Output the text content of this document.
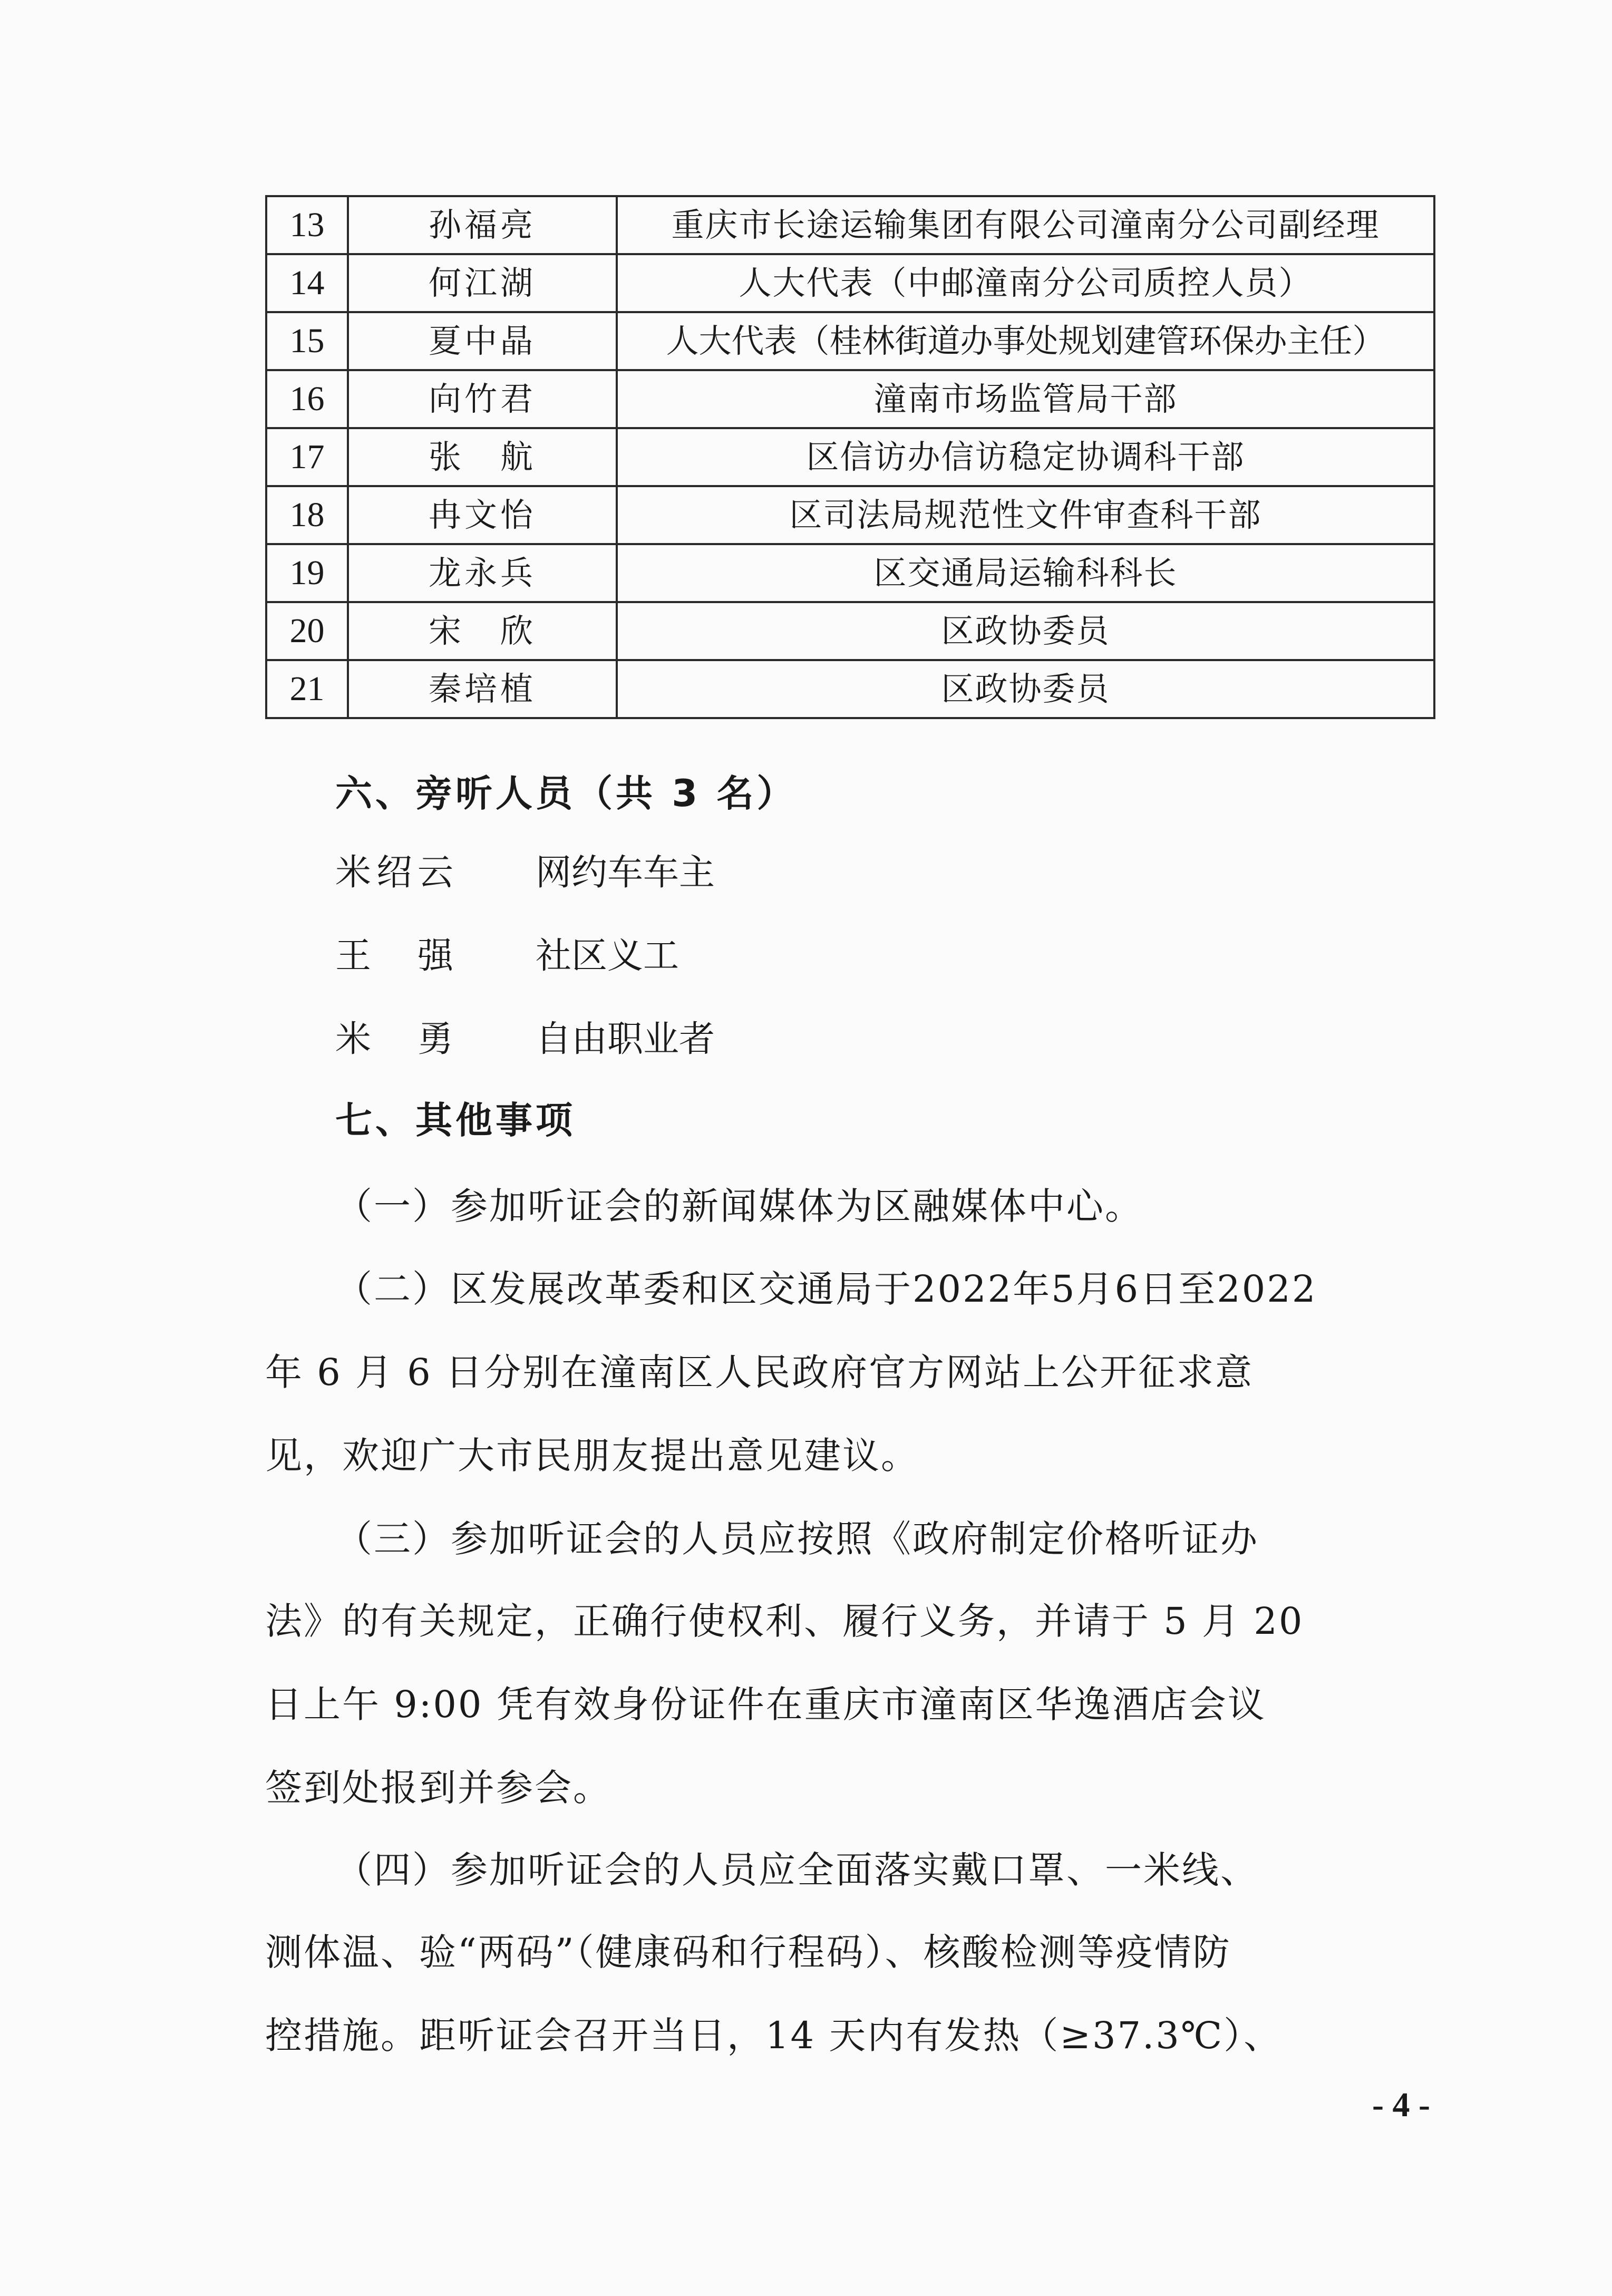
13	孙福亮	重庆市长途运输集团有限公司潼南分公司副经理
14	何江湖	人大代表（中邮潼南分公司质控人员）
15	夏中晶	人大代表（桂林街道办事处规划建管环保办主任）
16	向竹君	潼南市场监管局干部
17	张　航	区信访办信访稳定协调科干部
18	冉文怡	区司法局规范性文件审查科干部
19	龙永兵	区交通局运输科科长
20	宋　欣	区政协委员
21	秦培植	区政协委员
六、旁听人员（共 3 名）
米绍云 网约车车主
王　强 社区义工
米　勇 自由职业者
七、其他事项
（一）参加听证会的新闻媒体为区融媒体中心。
（二）区发展改革委和区交通局于2022年5月6日至2022
年 6 月 6 日分别在潼南区人民政府官方网站上公开征求意
见，欢迎广大市民朋友提出意见建议。
（三）参加听证会的人员应按照《政府制定价格听证办
法》的有关规定，正确行使权利、履行义务，并请于 5 月 20
日上午 9:00 凭有效身份证件在重庆市潼南区华逸酒店会议
签到处报到并参会。
（四）参加听证会的人员应全面落实戴口罩、一米线、
测体温、验“两码”（健康码和行程码）、核酸检测等疫情防
控措施。距听证会召开当日，14 天内有发热（≥37.3℃）、
- 4 -
